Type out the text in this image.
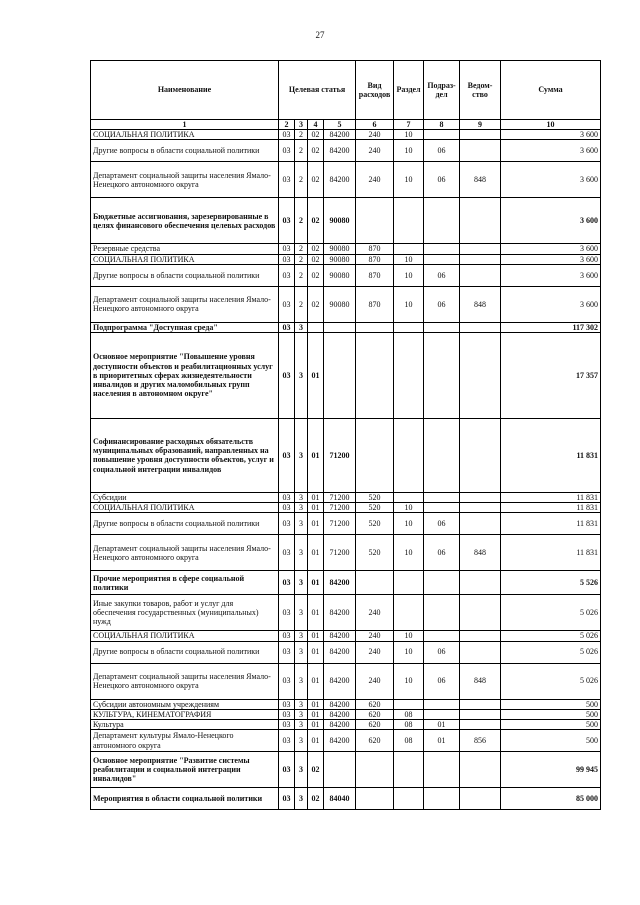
27
Наименование	Целевая статья				Вид расходов	Раздел	Подраз- дел	Ведом- ство	Сумма
1	2	3	4	5	6	7	8	9	10
СОЦИАЛЬНАЯ ПОЛИТИКА	03	2	02	84200	240	10			3 600
Другие вопросы в области социальной политики	03	2	02	84200	240	10	06		3 600
Департамент социальной защиты населения Ямало-Ненецкого автономного округа	03	2	02	84200	240	10	06	848	3 600
Бюджетные ассигнования, зарезервированные в целях финансового обеспечения целевых расходов	03	2	02	90080					3 600
Резервные средства	03	2	02	90080	870				3 600
СОЦИАЛЬНАЯ ПОЛИТИКА	03	2	02	90080	870	10			3 600
Другие вопросы в области социальной политики	03	2	02	90080	870	10	06		3 600
Департамент социальной защиты населения Ямало-Ненецкого автономного округа	03	2	02	90080	870	10	06	848	3 600
Подпрограмма "Доступная среда"	03	3							117 302
Основное мероприятие "Повышение уровня доступности объектов и реабилитационных услуг в приоритетных сферах жизнедеятельности инвалидов и других маломобильных групп населения в автономном округе"	03	3	01						17 357
Софинансирование расходных обязательств муниципальных образований, направленных на повышение уровня доступности объектов, услуг и социальной интеграции инвалидов	03	3	01	71200					11 831
Субсидии	03	3	01	71200	520				11 831
СОЦИАЛЬНАЯ ПОЛИТИКА	03	3	01	71200	520	10			11 831
Другие вопросы в области социальной политики	03	3	01	71200	520	10	06		11 831
Департамент социальной защиты населения Ямало-Ненецкого автономного округа	03	3	01	71200	520	10	06	848	11 831
Прочие мероприятия в сфере социальной политики	03	3	01	84200					5 526
Иные закупки товаров, работ и услуг для обеспечения государственных (муниципальных) нужд	03	3	01	84200	240				5 026
СОЦИАЛЬНАЯ ПОЛИТИКА	03	3	01	84200	240	10			5 026
Другие вопросы в области социальной политики	03	3	01	84200	240	10	06		5 026
Департамент социальной защиты населения Ямало-Ненецкого автономного округа	03	3	01	84200	240	10	06	848	5 026
Субсидии автономным учреждениям	03	3	01	84200	620				500
КУЛЬТУРА, КИНЕМАТОГРАФИЯ	03	3	01	84200	620	08			500
Культура	03	3	01	84200	620	08	01		500
Департамент культуры Ямало-Ненецкого автономного округа	03	3	01	84200	620	08	01	856	500
Основное мероприятие "Развитие системы реабилитации и социальной интеграции инвалидов"	03	3	02						99 945
Мероприятия в области социальной политики	03	3	02	84040					85 000
